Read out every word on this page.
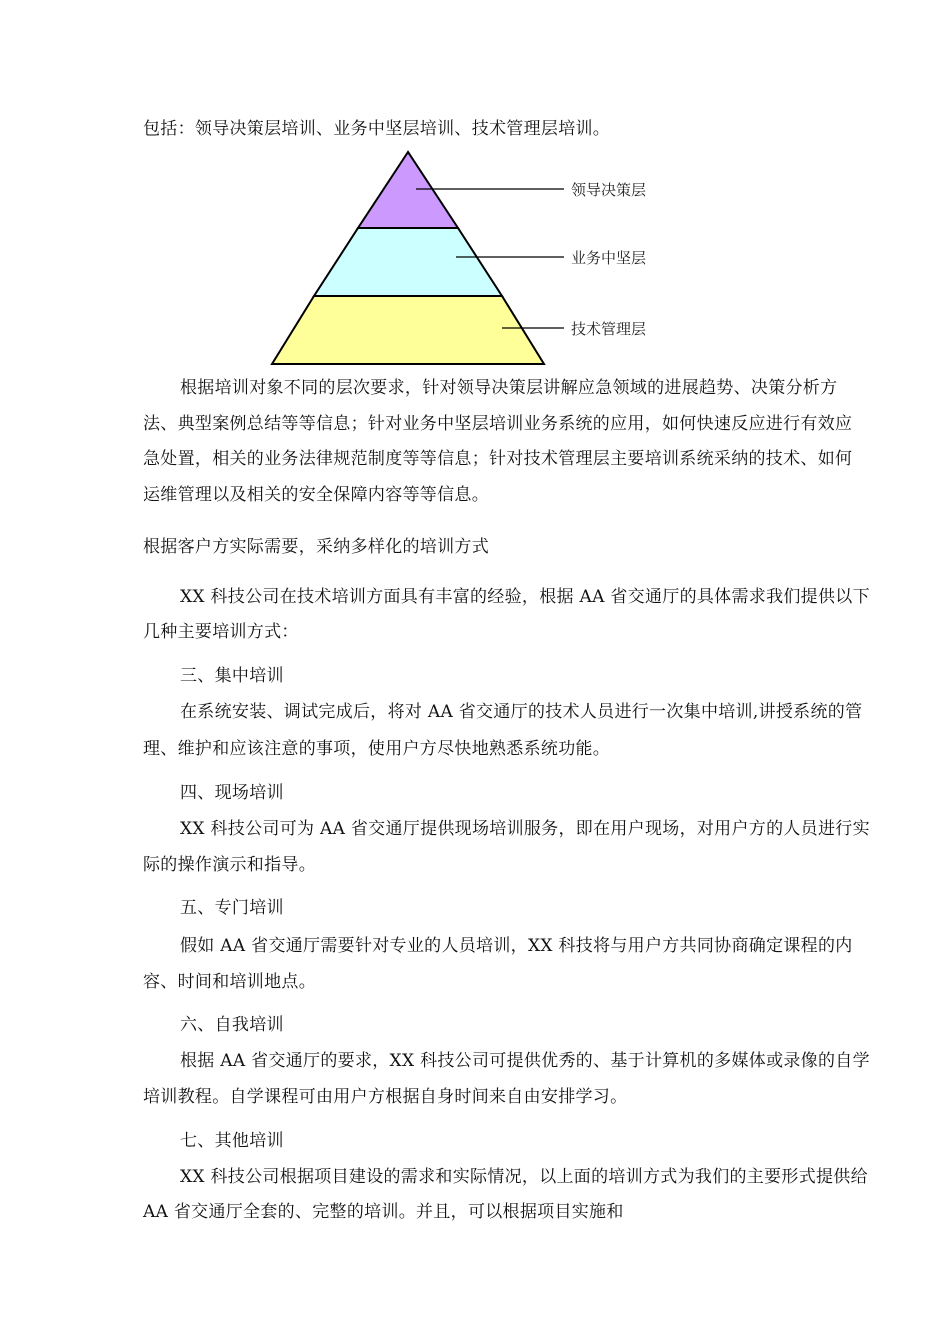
包括：领导决策层培训、业务中坚层培训、技术管理层培训。
领导决策层
业务中坚层
技术管理层
根据培训对象不同的层次要求，针对领导决策层讲解应急领域的进展趋势、决策分析方
法、典型案例总结等等信息；针对业务中坚层培训业务系统的应用，如何快速反应进行有效应
急处置，相关的业务法律规范制度等等信息；针对技术管理层主要培训系统采纳的技术、如何
运维管理以及相关的安全保障内容等等信息。
根据客户方实际需要，采纳多样化的培训方式
XX 科技公司在技术培训方面具有丰富的经验，根据 AA 省交通厅的具体需求我们提供以下
几种主要培训方式：
三、集中培训
在系统安装、调试完成后，将对 AA 省交通厅的技术人员进行一次集中培训,讲授系统的管
理、维护和应该注意的事项，使用户方尽快地熟悉系统功能。
四、现场培训
XX 科技公司可为 AA 省交通厅提供现场培训服务，即在用户现场，对用户方的人员进行实
际的操作演示和指导。
五、专门培训
假如 AA 省交通厅需要针对专业的人员培训，XX 科技将与用户方共同协商确定课程的内
容、时间和培训地点。
六、自我培训
根据 AA 省交通厅的要求，XX 科技公司可提供优秀的、基于计算机的多媒体或录像的自学
培训教程。自学课程可由用户方根据自身时间来自由安排学习。
七、其他培训
XX 科技公司根据项目建设的需求和实际情况，以上面的培训方式为我们的主要形式提供给
AA 省交通厅全套的、完整的培训。并且，可以根据项目实施和
